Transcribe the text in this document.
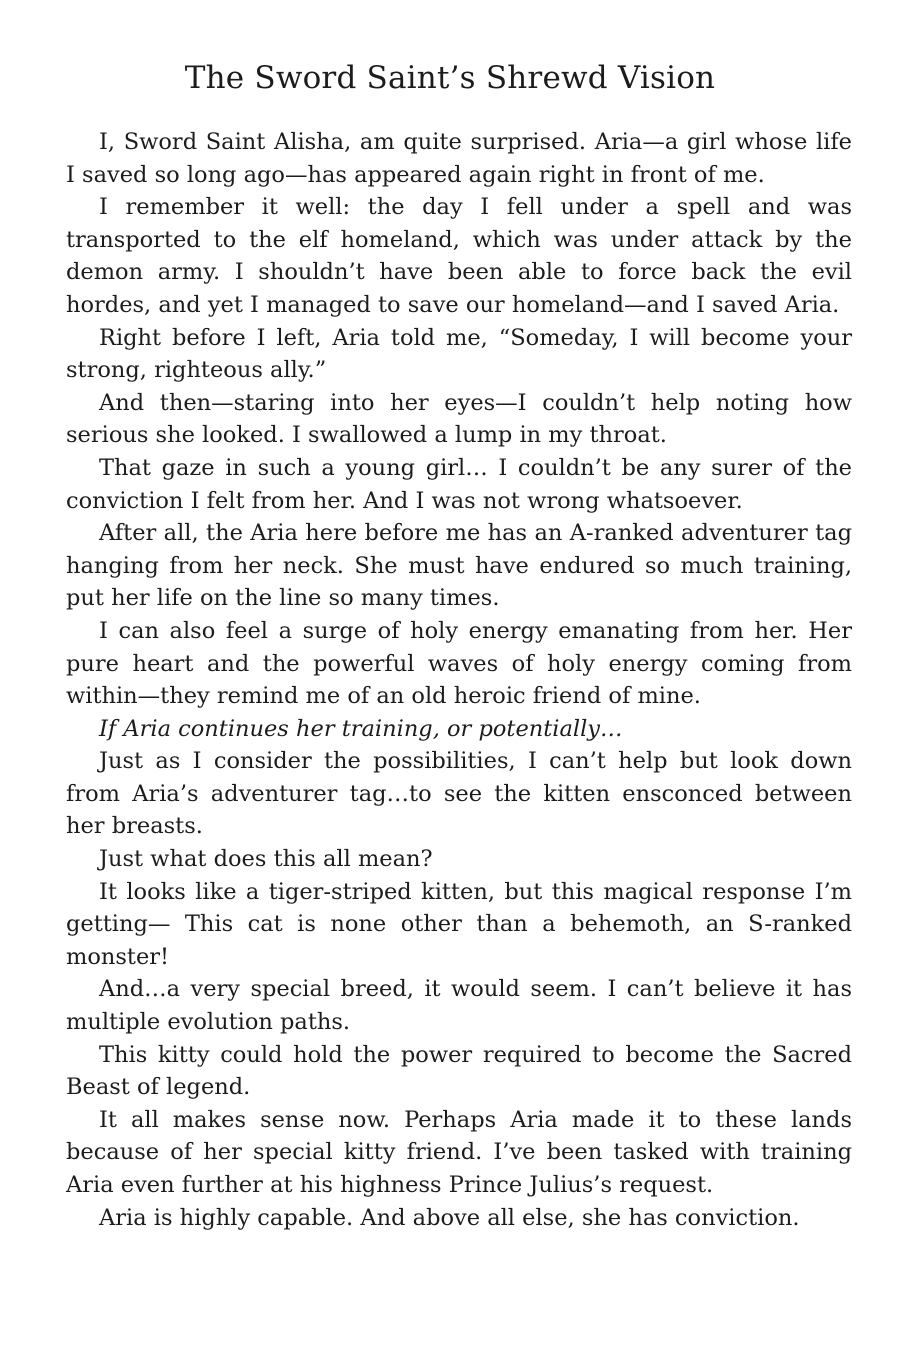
The Sword Saint’s Shrewd Vision

I, Sword Saint Alisha, am quite surprised. Aria—a girl whose life I saved so long ago—has appeared again right in front of me.

I remember it well: the day I fell under a spell and was transported to the elf homeland, which was under attack by the demon army. I shouldn’t have been able to force back the evil hordes, and yet I managed to save our homeland—and I saved Aria.

Right before I left, Aria told me, “Someday, I will become your strong, righteous ally.”

And then—staring into her eyes—I couldn’t help noting how serious she looked. I swallowed a lump in my throat.

That gaze in such a young girl… I couldn’t be any surer of the conviction I felt from her. And I was not wrong whatsoever.

After all, the Aria here before me has an A-ranked adventurer tag hanging from her neck. She must have endured so much training, put her life on the line so many times.

I can also feel a surge of holy energy emanating from her. Her pure heart and the powerful waves of holy energy coming from within—they remind me of an old heroic friend of mine.

If Aria continues her training, or potentially…

Just as I consider the possibilities, I can’t help but look down from Aria’s adventurer tag…to see the kitten ensconced between her breasts.

Just what does this all mean?

It looks like a tiger-striped kitten, but this magical response I’m getting— This cat is none other than a behemoth, an S-ranked monster!

And…a very special breed, it would seem. I can’t believe it has multiple evolution paths.

This kitty could hold the power required to become the Sacred Beast of legend.

It all makes sense now. Perhaps Aria made it to these lands because of her special kitty friend. I’ve been tasked with training Aria even further at his highness Prince Julius’s request.

Aria is highly capable. And above all else, she has conviction.
